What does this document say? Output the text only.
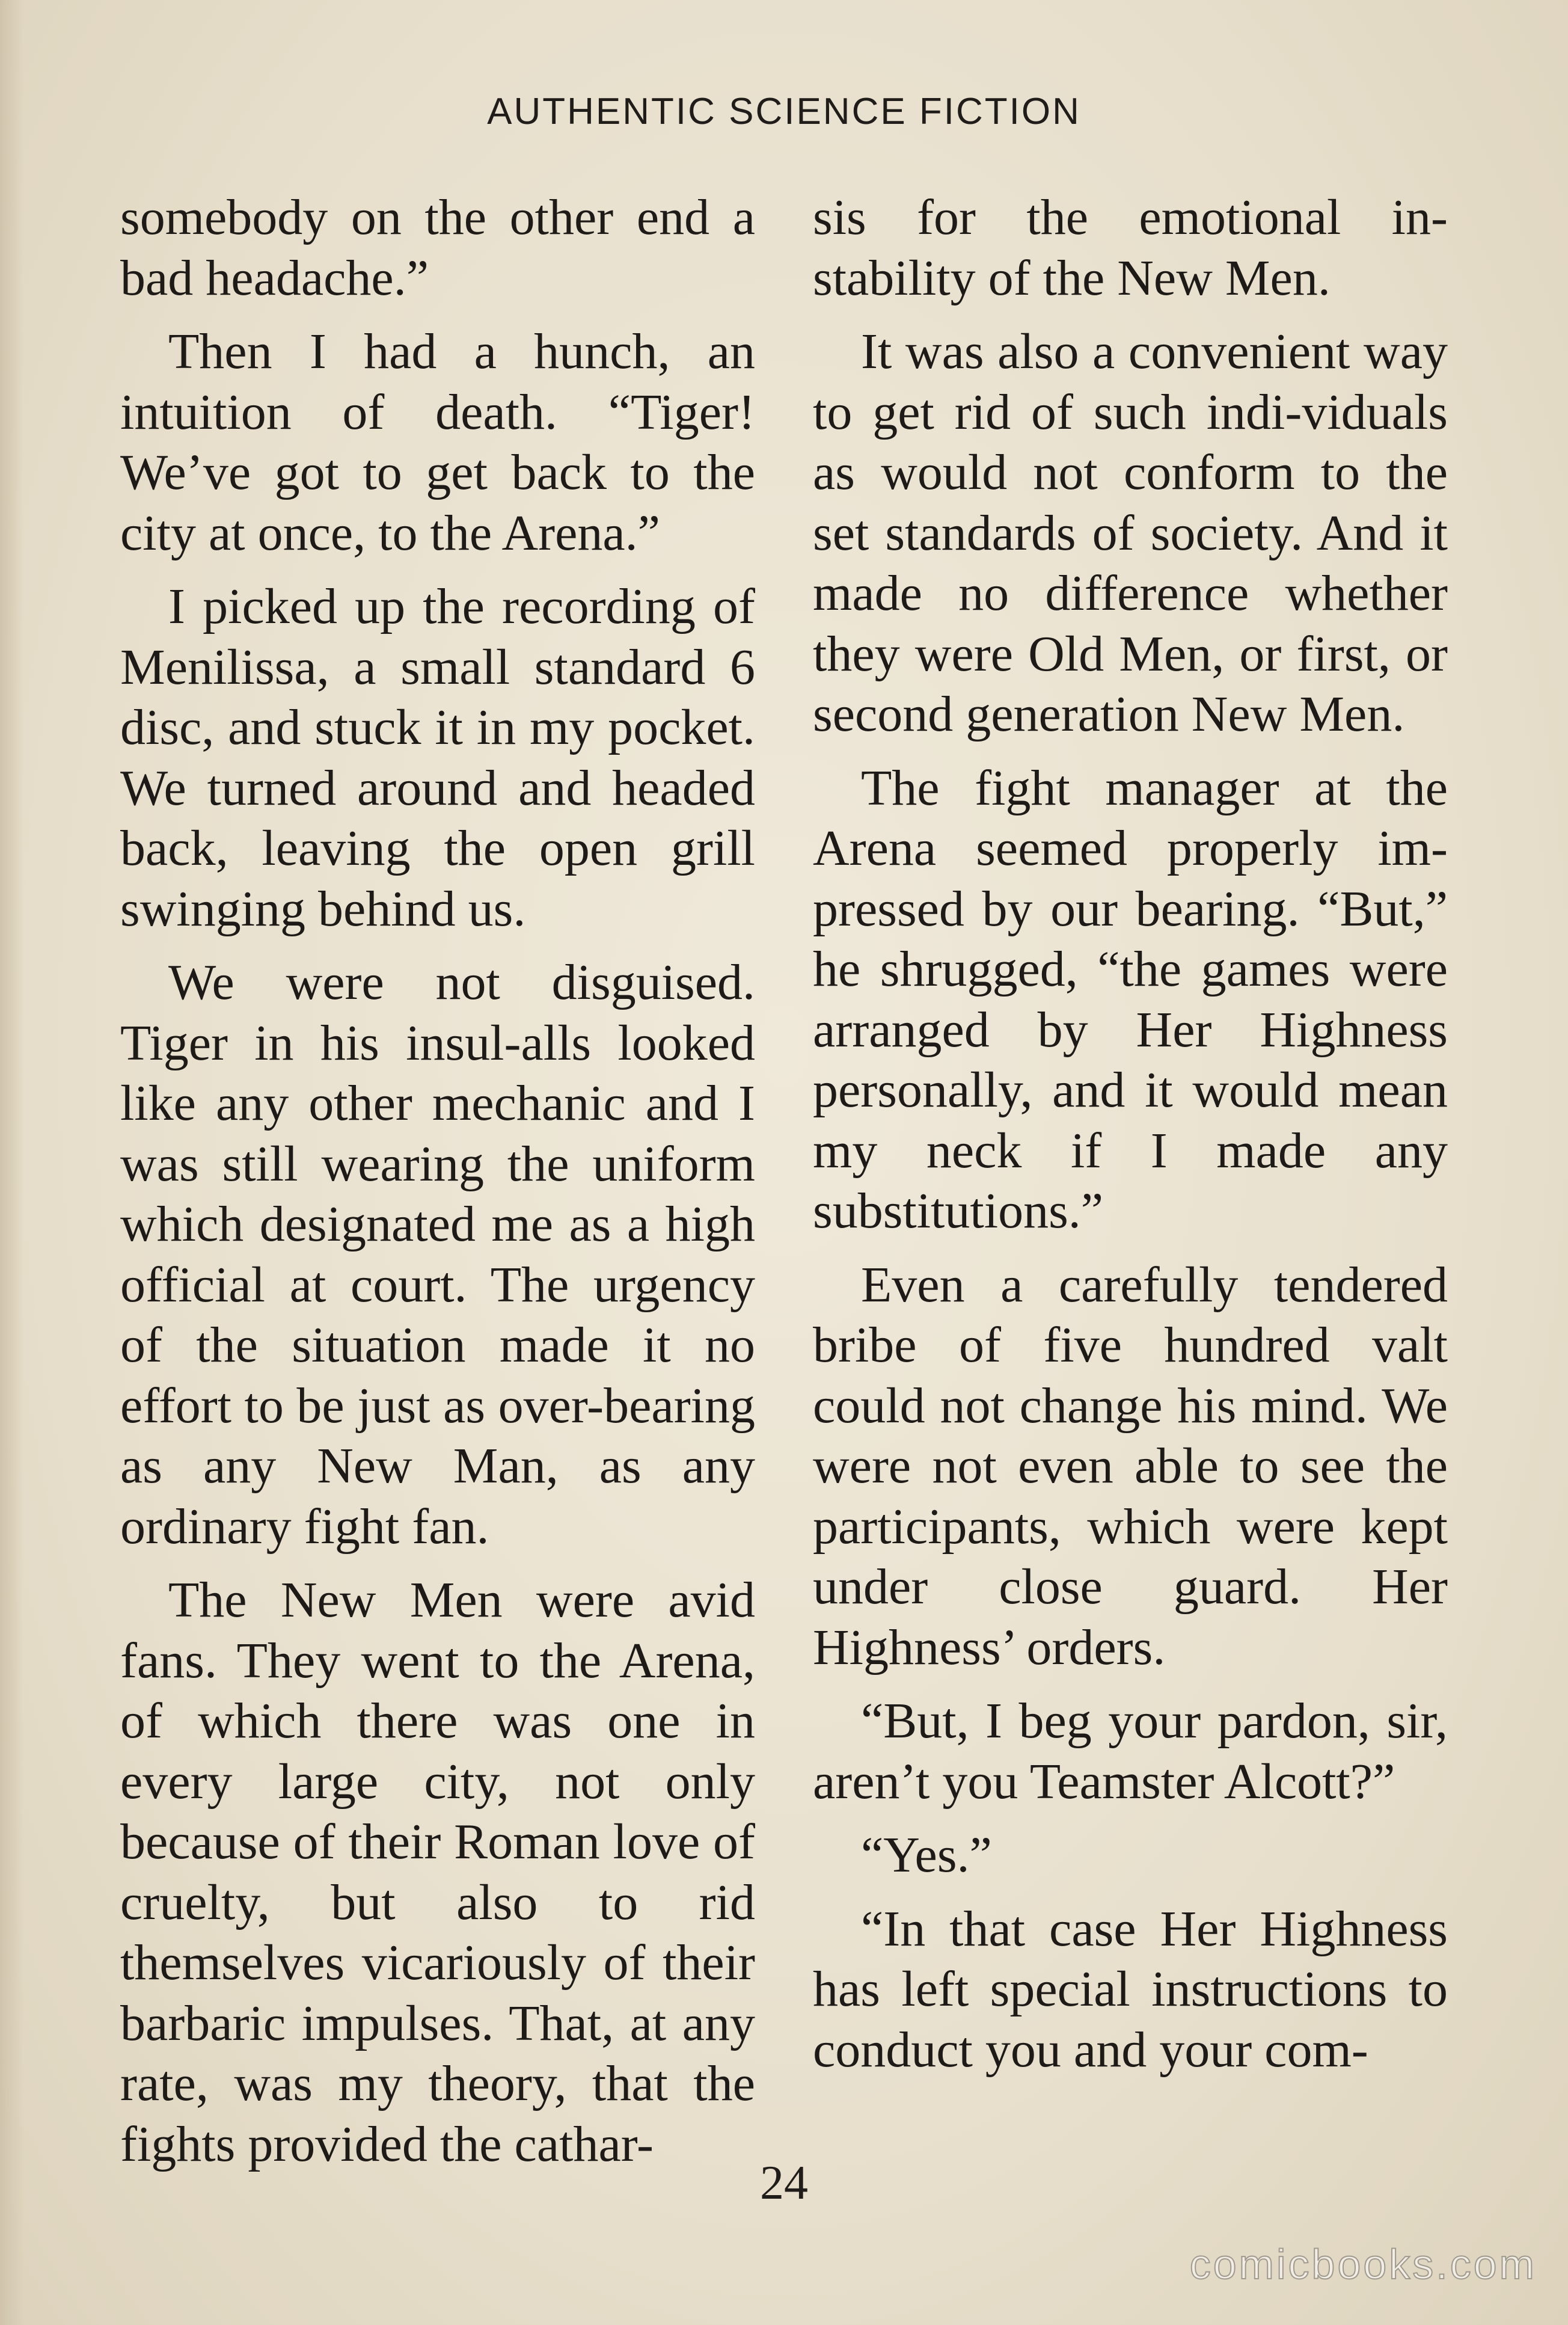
AUTHENTIC SCIENCE FICTION

somebody on the other end a bad headache.”

Then I had a hunch, an intuition of death. “Tiger! We’ve got to get back to the city at once, to the Arena.”

I picked up the recording of Menilissa, a small standard 6 disc, and stuck it in my pocket. We turned around and headed back, leaving the open grill swinging behind us.

We were not disguised. Tiger in his insul-alls looked like any other mechanic and I was still wearing the uniform which designated me as a high official at court. The urgency of the situation made it no effort to be just as over-bearing as any New Man, as any ordinary fight fan.

The New Men were avid fans. They went to the Arena, of which there was one in every large city, not only because of their Roman love of cruelty, but also to rid themselves vicariously of their barbaric impulses. That, at any rate, was my theory, that the fights provided the cathar-

sis for the emotional in-stability of the New Men.

It was also a convenient way to get rid of such indi-viduals as would not conform to the set standards of society. And it made no difference whether they were Old Men, or first, or second generation New Men.

The fight manager at the Arena seemed properly im-pressed by our bearing. “But,” he shrugged, “the games were arranged by Her Highness personally, and it would mean my neck if I made any substitutions.”

Even a carefully tendered bribe of five hundred valt could not change his mind. We were not even able to see the participants, which were kept under close guard. Her Highness’ orders.

“But, I beg your pardon, sir, aren’t you Teamster Alcott?”

“Yes.”

“In that case Her Highness has left special instructions to conduct you and your com-

24
comicbooks.com
